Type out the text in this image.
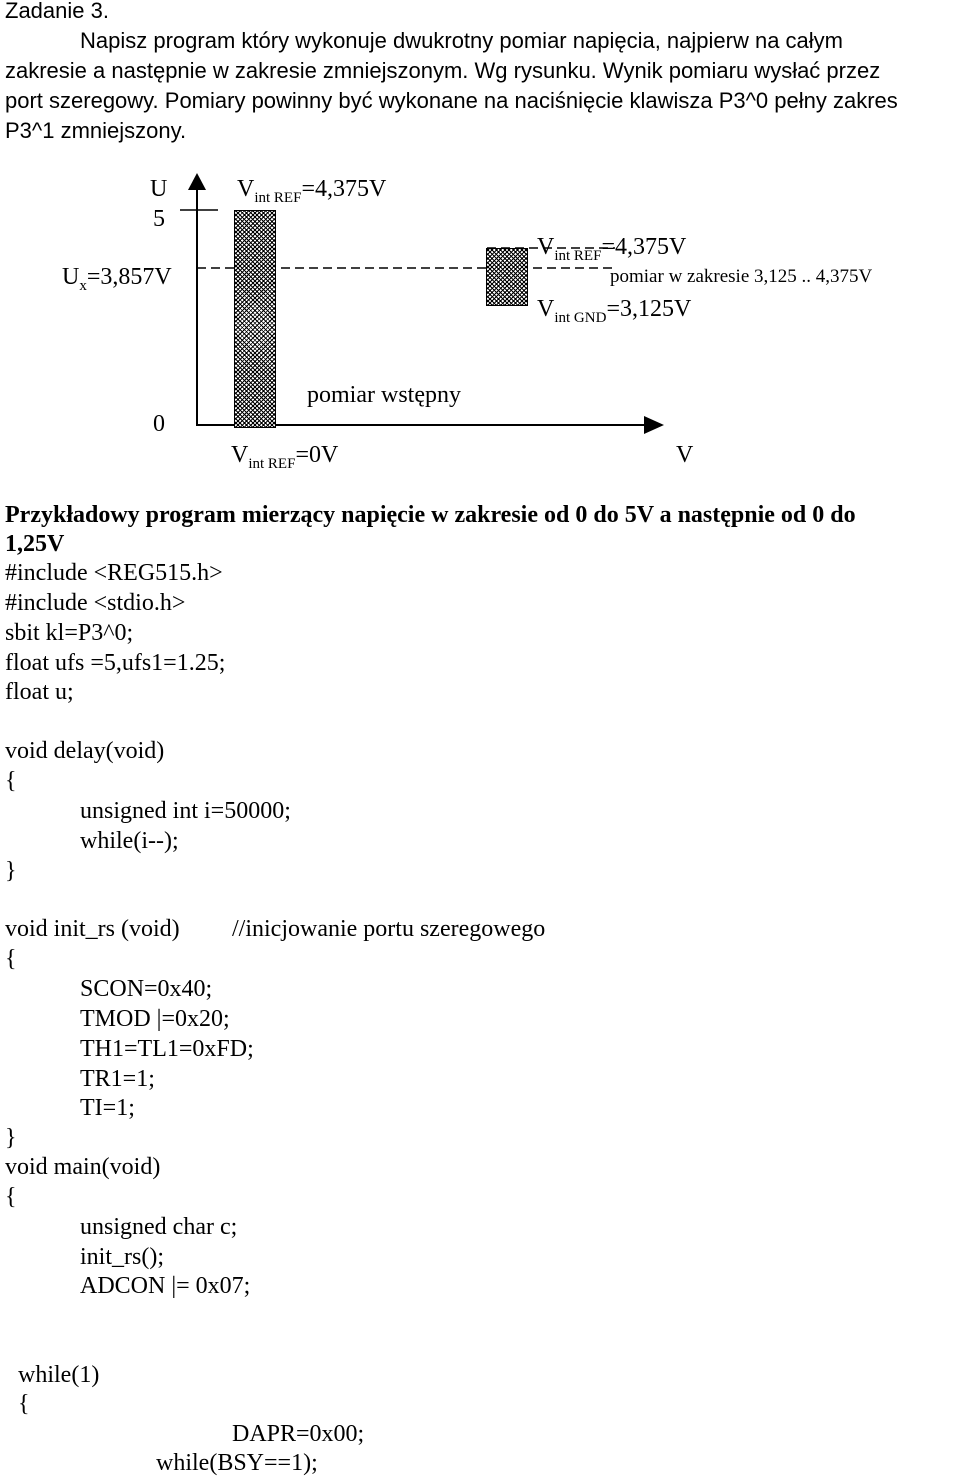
Zadanie 3.
Napisz program który wykonuje dwukrotny pomiar napięcia, najpierw na całym
zakresie a następnie w zakresie zmniejszonym. Wg rysunku. Wynik pomiaru wysłać przez
port szeregowy. Pomiary powinny być wykonane na naciśnięcie klawisza P3^0 pełny zakres
P3^1 zmniejszony.
U
5
0
$U_x=3,857V$
$V_{int REF}=4,375V$
$V_{int REF}=4,375V$
pomiar w zakresie 3,125 .. 4,375V
$V_{int GND}=3,125V$
pomiar wstępny
$V_{int REF}=0V$	V
Przykładowy program mierzący napięcie w zakresie od 0 do 5V a następnie od 0 do
1,25V
#include <REG515.h>
#include <stdio.h>
sbit kl=P3^0;
float ufs =5,ufs1=1.25;
float u;
void delay(void)
{
unsigned int i=50000;
while(i--);
}
void init_rs (void) //inicjowanie portu szeregowego
{
SCON=0x40;
TMOD |=0x20;
TH1=TL1=0xFD;
TR1=1;
TI=1;
}
void main(void)
{
unsigned char c;
init_rs();
ADCON |= 0x07;
while(1)
{
DAPR=0x00;
while(BSY==1);
